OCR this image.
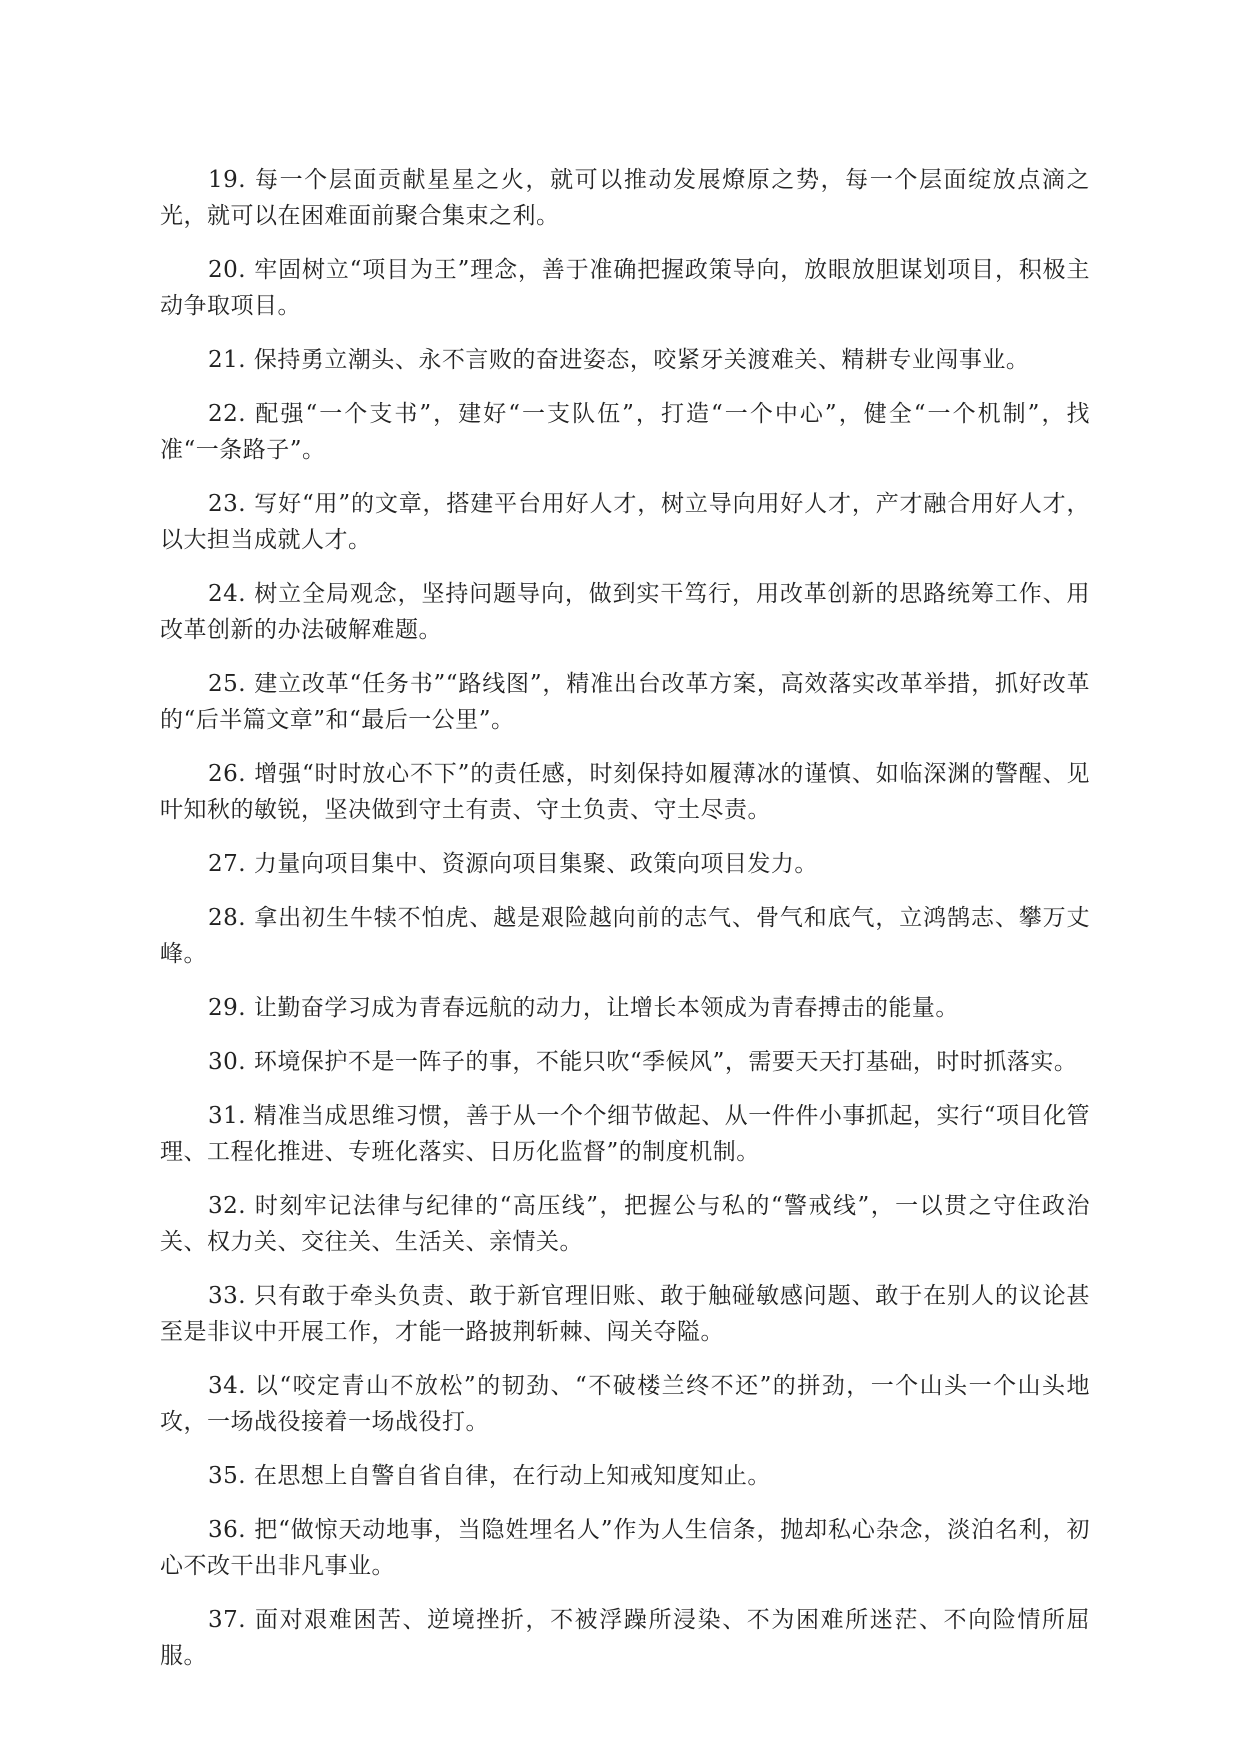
19. 每一个层面贡献星星之火，就可以推动发展燎原之势，每一个层面绽放点滴之光，就可以在困难面前聚合集束之利。

20. 牢固树立“项目为王”理念，善于准确把握政策导向，放眼放胆谋划项目，积极主动争取项目。

21. 保持勇立潮头、永不言败的奋进姿态，咬紧牙关渡难关、精耕专业闯事业。

22. 配强“一个支书”，建好“一支队伍”，打造“一个中心”，健全“一个机制”，找准“一条路子”。

23. 写好“用”的文章，搭建平台用好人才，树立导向用好人才，产才融合用好人才，以大担当成就人才。

24. 树立全局观念，坚持问题导向，做到实干笃行，用改革创新的思路统筹工作、用改革创新的办法破解难题。

25. 建立改革“任务书”“路线图”，精准出台改革方案，高效落实改革举措，抓好改革的“后半篇文章”和“最后一公里”。

26. 增强“时时放心不下”的责任感，时刻保持如履薄冰的谨慎、如临深渊的警醒、见叶知秋的敏锐，坚决做到守土有责、守土负责、守土尽责。

27. 力量向项目集中、资源向项目集聚、政策向项目发力。

28. 拿出初生牛犊不怕虎、越是艰险越向前的志气、骨气和底气，立鸿鹄志、攀万丈峰。

29. 让勤奋学习成为青春远航的动力，让增长本领成为青春搏击的能量。

30. 环境保护不是一阵子的事，不能只吹“季候风”，需要天天打基础，时时抓落实。

31. 精准当成思维习惯，善于从一个个细节做起、从一件件小事抓起，实行“项目化管理、工程化推进、专班化落实、日历化监督”的制度机制。

32. 时刻牢记法律与纪律的“高压线”，把握公与私的“警戒线”，一以贯之守住政治关、权力关、交往关、生活关、亲情关。

33. 只有敢于牵头负责、敢于新官理旧账、敢于触碰敏感问题、敢于在别人的议论甚至是非议中开展工作，才能一路披荆斩棘、闯关夺隘。

34. 以“咬定青山不放松”的韧劲、“不破楼兰终不还”的拼劲，一个山头一个山头地攻，一场战役接着一场战役打。

35. 在思想上自警自省自律，在行动上知戒知度知止。

36. 把“做惊天动地事，当隐姓埋名人”作为人生信条，抛却私心杂念，淡泊名利，初心不改干出非凡事业。

37. 面对艰难困苦、逆境挫折，不被浮躁所浸染、不为困难所迷茫、不向险情所屈服。
